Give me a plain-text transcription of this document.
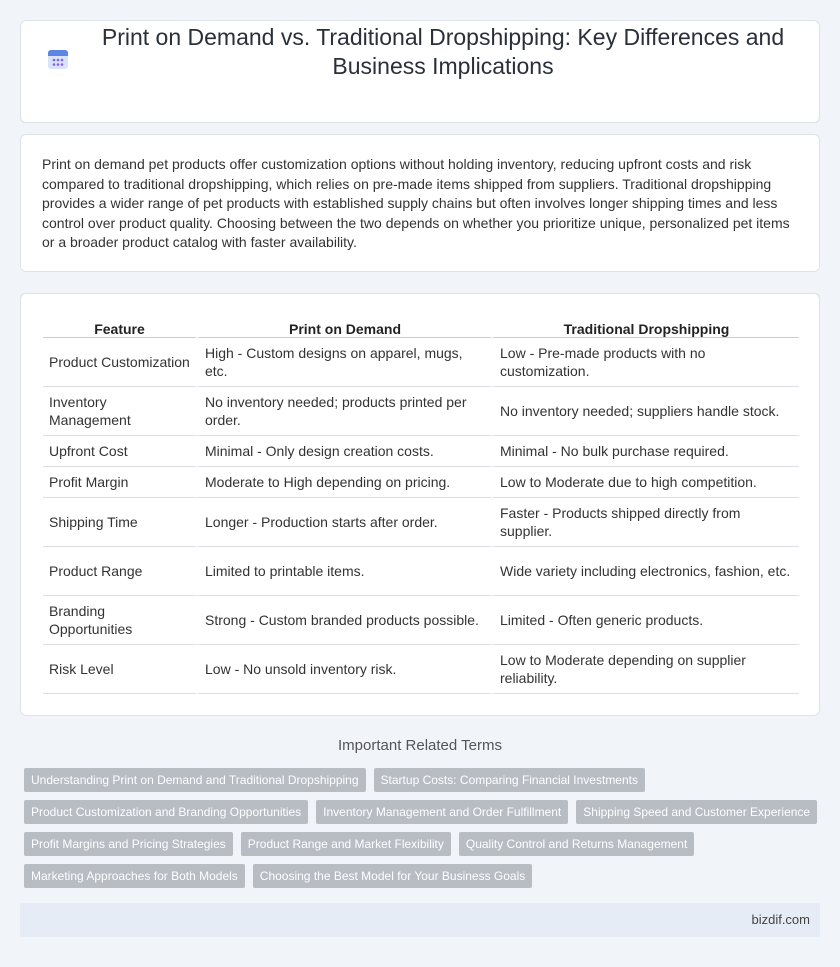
Print on Demand vs. Traditional Dropshipping: Key Differences and Business Implications

Print on demand pet products offer customization options without holding inventory, reducing upfront costs and risk compared to traditional dropshipping, which relies on pre-made items shipped from suppliers. Traditional dropshipping provides a wider range of pet products with established supply chains but often involves longer shipping times and less control over product quality. Choosing between the two depends on whether you prioritize unique, personalized pet items or a broader product catalog with faster availability.

Feature	Print on Demand	Traditional Dropshipping
Product Customization	High - Custom designs on apparel, mugs, etc.	Low - Pre-made products with no customization.
Inventory Management	No inventory needed; products printed per order.	No inventory needed; suppliers handle stock.
Upfront Cost	Minimal - Only design creation costs.	Minimal - No bulk purchase required.
Profit Margin	Moderate to High depending on pricing.	Low to Moderate due to high competition.
Shipping Time	Longer - Production starts after order.	Faster - Products shipped directly from supplier.
Product Range	Limited to printable items.	Wide variety including electronics, fashion, etc.
Branding Opportunities	Strong - Custom branded products possible.	Limited - Often generic products.
Risk Level	Low - No unsold inventory risk.	Low to Moderate depending on supplier reliability.
Important Related Terms
Understanding Print on Demand and Traditional Dropshipping	Startup Costs: Comparing Financial Investments
Product Customization and Branding Opportunities	Inventory Management and Order Fulfillment	Shipping Speed and Customer Experience
Profit Margins and Pricing Strategies	Product Range and Market Flexibility	Quality Control and Returns Management
Marketing Approaches for Both Models	Choosing the Best Model for Your Business Goals
bizdif.com
